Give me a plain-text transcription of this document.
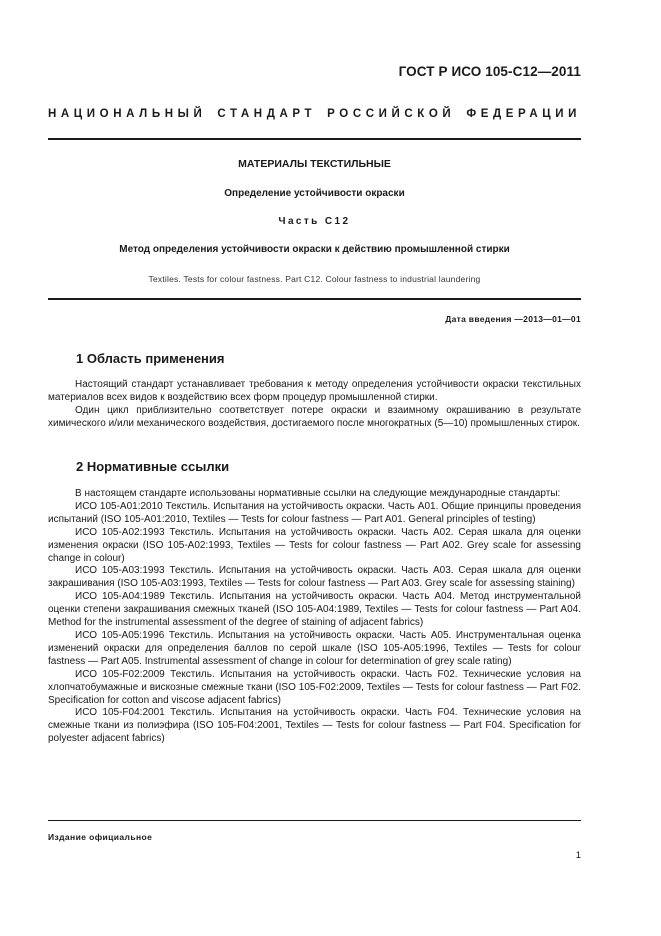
ГОСТ Р ИСО 105-С12—2011
НАЦИОНАЛЬНЫЙ СТАНДАРТ РОССИЙСКОЙ ФЕДЕРАЦИИ
МАТЕРИАЛЫ ТЕКСТИЛЬНЫЕ
Определение устойчивости окраски
Часть С12
Метод определения устойчивости окраски к действию промышленной стирки
Textiles. Tests for colour fastness. Part C12. Colour fastness to industrial laundering
Дата введения —2013—01—01
1 Область применения

Настоящий стандарт устанавливает требования к методу определения устойчивости окраски текстильных материалов всех видов к воздействию всех форм процедур промышленной стирки.

Один цикл приблизительно соответствует потере окраски и взаимному окрашиванию в результате химического и/или механического воздействия, достигаемого после многократных (5—10) промышленных стирок.

2 Нормативные ссылки

В настоящем стандарте использованы нормативные ссылки на следующие международные стандарты:

ИСО 105-А01:2010 Текстиль. Испытания на устойчивость окраски. Часть А01. Общие принципы проведения испытаний (ISO 105-A01:2010, Textiles — Tests for colour fastness — Part A01. General principles of testing)

ИСО 105-А02:1993 Текстиль. Испытания на устойчивость окраски. Часть А02. Серая шкала для оценки изменения окраски (ISO 105-A02:1993, Textiles — Tests for colour fastness — Part A02. Grey scale for assessing change in colour)

ИСО 105-А03:1993 Текстиль. Испытания на устойчивость окраски. Часть А03. Серая шкала для оценки закрашивания (ISO 105-A03:1993, Textiles — Tests for colour fastness — Part A03. Grey scale for assessing staining)

ИСО 105-А04:1989 Текстиль. Испытания на устойчивость окраски. Часть А04. Метод инструментальной оценки степени закрашивания смежных тканей (ISO 105-A04:1989, Textiles — Tests for colour fastness — Part A04. Method for the instrumental assessment of the degree of staining of adjacent fabrics)

ИСО 105-А05:1996 Текстиль. Испытания на устойчивость окраски. Часть А05. Инструментальная оценка изменений окраски для определения баллов по серой шкале (ISO 105-A05:1996, Textiles — Tests for colour fastness — Part A05. Instrumental assessment of change in colour for determination of grey scale rating)

ИСО 105-F02:2009 Текстиль. Испытания на устойчивость окраски. Часть F02. Технические условия на хлопчатобумажные и вискозные смежные ткани (ISO 105-F02:2009, Textiles — Tests for colour fastness — Part F02. Specification for cotton and viscose adjacent fabrics)

ИСО 105-F04:2001 Текстиль. Испытания на устойчивость окраски. Часть F04. Технические условия на смежные ткани из полиэфира (ISO 105-F04:2001, Textiles — Tests for colour fastness — Part F04. Specification for polyester adjacent fabrics)

Издание официальное
1
